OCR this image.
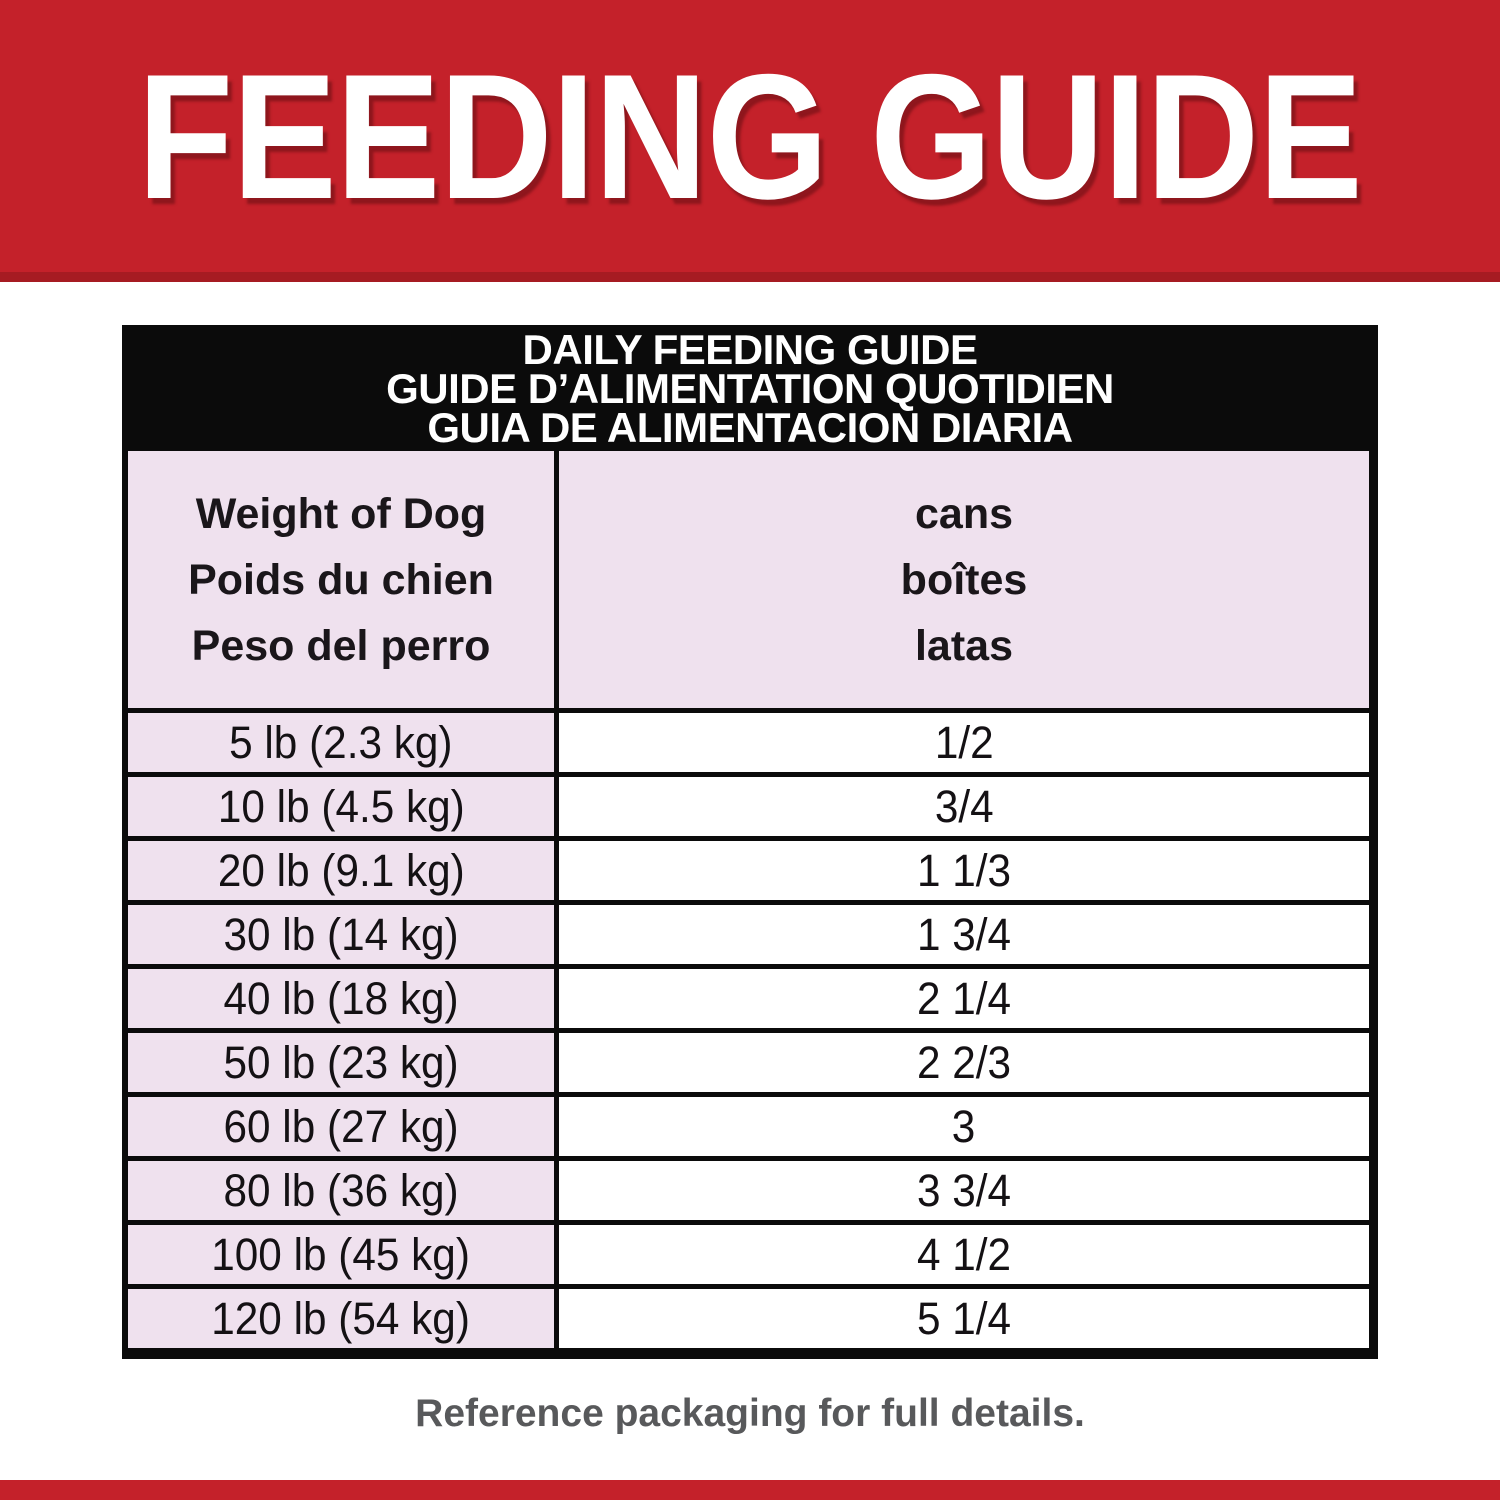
FEEDING GUIDE
DAILY FEEDING GUIDE
GUIDE D’ALIMENTATION QUOTIDIEN
GUIA DE ALIMENTACION DIARIA
Weight of Dog
Poids du chien
Peso del perro
cans
boîtes
latas
5 lb (2.3 kg)	1/2
10 lb (4.5 kg)	3/4
20 lb (9.1 kg)	1 1/3
30 lb (14 kg)	1 3/4
40 lb (18 kg)	2 1/4
50 lb (23 kg)	2 2/3
60 lb (27 kg)	3
80 lb (36 kg)	3 3/4
100 lb (45 kg)	4 1/2
120 lb (54 kg)	5 1/4
Reference packaging for full details.
